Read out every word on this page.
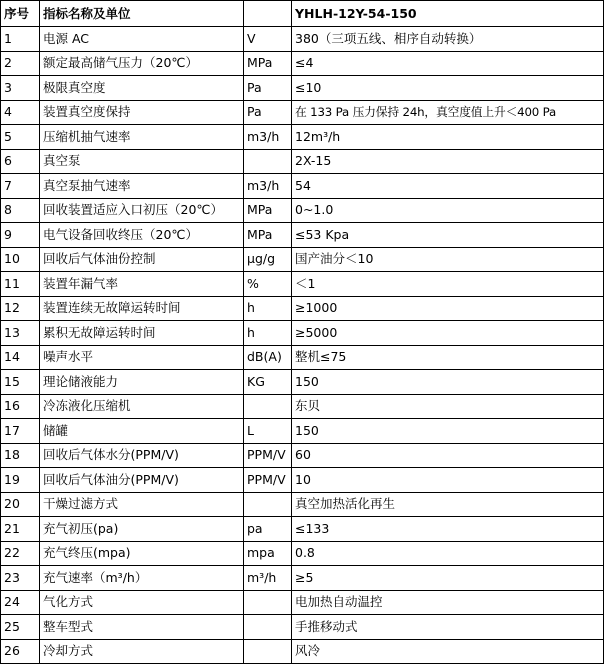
序号	指标名称及单位		YHLH-12Y-54-150
1	电源 AC	V	380（三项五线、相序自动转换）
2	额定最高储气压力（20℃）	MPa	≤4
3	极限真空度	Pa	≤10
4	装置真空度保持	Pa	在 133 Pa 压力保持 24h，真空度值上升＜400 Pa
5	压缩机抽气速率	m3/h	12m³/h
6	真空泵		2X-15
7	真空泵抽气速率	m3/h	54
8	回收装置适应入口初压（20℃）	MPa	0~1.0
9	电气设备回收终压（20℃）	MPa	≤53 Kpa
10	回收后气体油份控制	μg/g	国产油分＜10
11	装置年漏气率	%	＜1
12	装置连续无故障运转时间	h	≥1000
13	累积无故障运转时间	h	≥5000
14	噪声水平	dB(A)	整机≤75
15	理论储液能力	KG	150
16	冷冻液化压缩机		东贝
17	储罐	L	150
18	回收后气体水分(PPM/V)	PPM/V	60
19	回收后气体油分(PPM/V)	PPM/V	10
20	干燥过滤方式		真空加热活化再生
21	充气初压(pa)	pa	≤133
22	充气终压(mpa)	mpa	0.8
23	充气速率（m³/h）	m³/h	≥5
24	气化方式		电加热自动温控
25	整车型式		手推移动式
26	冷却方式		风冷
